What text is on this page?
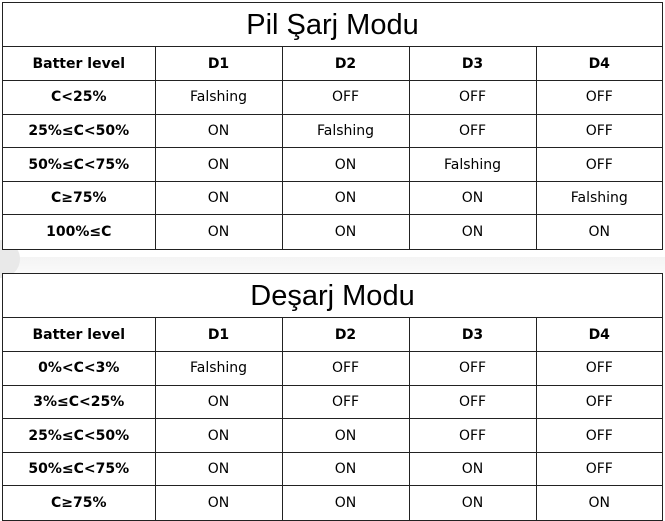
Pil Şarj Modu
Batter level	D1	D2	D3	D4
C<25%	Falshing	OFF	OFF	OFF
25%≤C<50%	ON	Falshing	OFF	OFF
50%≤C<75%	ON	ON	Falshing	OFF
C≥75%	ON	ON	ON	Falshing
100%≤C	ON	ON	ON	ON
Deşarj Modu
Batter level	D1	D2	D3	D4
0%<C<3%	Falshing	OFF	OFF	OFF
3%≤C<25%	ON	OFF	OFF	OFF
25%≤C<50%	ON	ON	OFF	OFF
50%≤C<75%	ON	ON	ON	OFF
C≥75%	ON	ON	ON	ON
